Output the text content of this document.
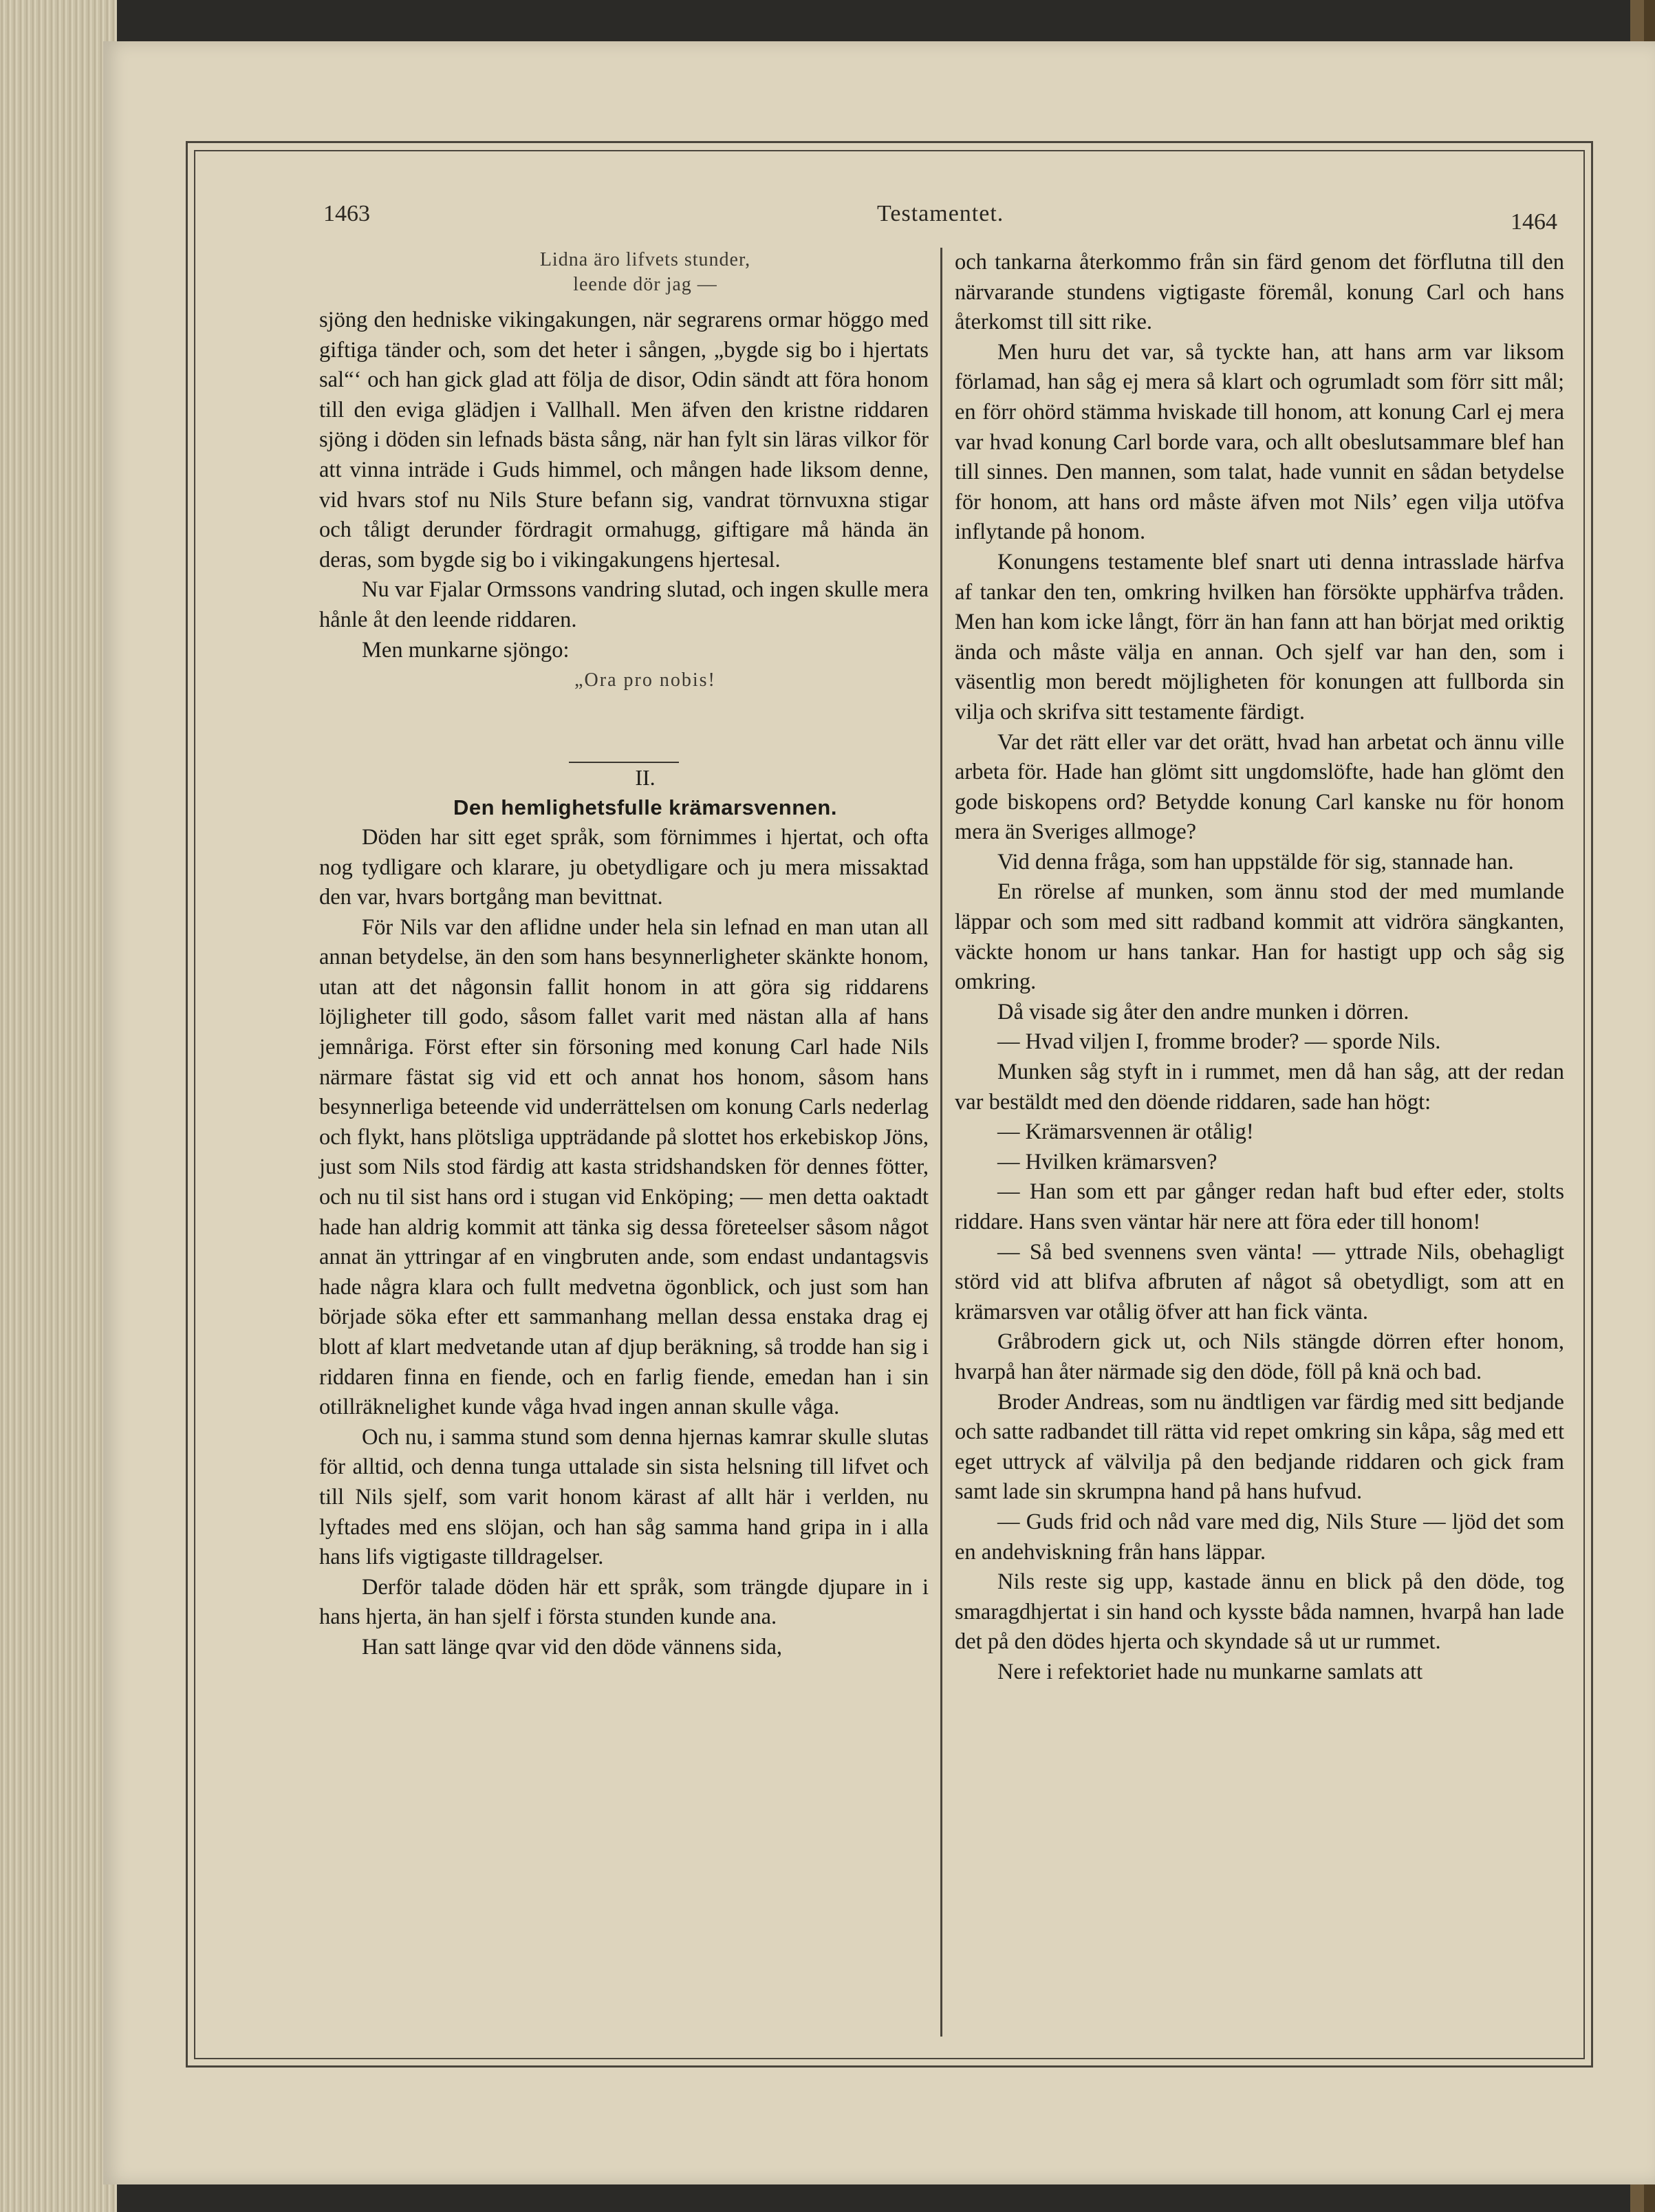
1463	Testamentet.	1464

Lidna äro lifvets stunder,

leende dör jag —

sjöng den hedniske vikingakungen, när segrarens ormar höggo med giftiga tänder och, som det heter i sången, „bygde sig bo i hjertats sal“‘ och han gick glad att följa de disor, Odin sändt att föra honom till den eviga glädjen i Vallhall. Men äfven den kristne riddaren sjöng i döden sin lefnads bästa sång, när han fylt sin läras vilkor för att vinna inträde i Guds himmel, och mången hade liksom denne, vid hvars stof nu Nils Sture befann sig, vandrat törnvuxna stigar och tåligt derunder fördragit ormahugg, giftigare må hända än deras, som bygde sig bo i vikingakungens hjertesal.

Nu var Fjalar Ormssons vandring slutad, och ingen skulle mera hånle åt den leende riddaren.

Men munkarne sjöngo:

„Ora pro nobis!

II.

Den hemlighetsfulle krämarsvennen.

Döden har sitt eget språk, som förnimmes i hjertat, och ofta nog tydligare och klarare, ju obetydligare och ju mera missaktad den var, hvars bortgång man bevittnat.

För Nils var den aflidne under hela sin lefnad en man utan all annan betydelse, än den som hans besynnerligheter skänkte honom, utan att det någonsin fallit honom in att göra sig riddarens löjligheter till godo, såsom fallet varit med nästan alla af hans jemnåriga. Först efter sin försoning med konung Carl hade Nils närmare fästat sig vid ett och annat hos honom, såsom hans besynnerliga beteende vid underrättelsen om konung Carls nederlag och flykt, hans plötsliga uppträdande på slottet hos erkebiskop Jöns, just som Nils stod färdig att kasta stridshandsken för dennes fötter, och nu til sist hans ord i stugan vid Enköping; — men detta oaktadt hade han aldrig kommit att tänka sig dessa företeelser såsom något annat än yttringar af en vingbruten ande, som endast undantagsvis hade några klara och fullt medvetna ögonblick, och just som han började söka efter ett sammanhang mellan dessa enstaka drag ej blott af klart medvetande utan af djup beräkning, så trodde han sig i riddaren finna en fiende, och en farlig fiende, emedan han i sin otillräknelighet kunde våga hvad ingen annan skulle våga.

Och nu, i samma stund som denna hjernas kamrar skulle slutas för alltid, och denna tunga uttalade sin sista helsning till lifvet och till Nils sjelf, som varit honom kärast af allt här i verlden, nu lyftades med ens slöjan, och han såg samma hand gripa in i alla hans lifs vigtigaste tilldragelser.

Derför talade döden här ett språk, som trängde djupare in i hans hjerta, än han sjelf i första stunden kunde ana.

Han satt länge qvar vid den döde vännens sida,

och tankarna återkommo från sin färd genom det förflutna till den närvarande stundens vigtigaste föremål, konung Carl och hans återkomst till sitt rike.

Men huru det var, så tyckte han, att hans arm var liksom förlamad, han såg ej mera så klart och ogrumladt som förr sitt mål; en förr ohörd stämma hviskade till honom, att konung Carl ej mera var hvad konung Carl borde vara, och allt obeslutsammare blef han till sinnes. Den mannen, som talat, hade vunnit en sådan betydelse för honom, att hans ord måste äfven mot Nils’ egen vilja utöfva inflytande på honom.

Konungens testamente blef snart uti denna intrasslade härfva af tankar den ten, omkring hvilken han försökte upphärfva tråden. Men han kom icke långt, förr än han fann att han börjat med oriktig ända och måste välja en annan. Och sjelf var han den, som i väsentlig mon beredt möjligheten för konungen att fullborda sin vilja och skrifva sitt testamente färdigt.

Var det rätt eller var det orätt, hvad han arbetat och ännu ville arbeta för. Hade han glömt sitt ungdomslöfte, hade han glömt den gode biskopens ord? Betydde konung Carl kanske nu för honom mera än Sveriges allmoge?

Vid denna fråga, som han uppstälde för sig, stannade han.

En rörelse af munken, som ännu stod der med mumlande läppar och som med sitt radband kommit att vidröra sängkanten, väckte honom ur hans tankar. Han for hastigt upp och såg sig omkring.

Då visade sig åter den andre munken i dörren.

— Hvad viljen I, fromme broder? — sporde Nils.

Munken såg styft in i rummet, men då han såg, att der redan var bestäldt med den döende riddaren, sade han högt:

— Krämarsvennen är otålig!

— Hvilken krämarsven?

— Han som ett par gånger redan haft bud efter eder, stolts riddare. Hans sven väntar här nere att föra eder till honom!

— Så bed svennens sven vänta! — yttrade Nils, obehagligt störd vid att blifva afbruten af något så obetydligt, som att en krämarsven var otålig öfver att han fick vänta.

Gråbrodern gick ut, och Nils stängde dörren efter honom, hvarpå han åter närmade sig den döde, föll på knä och bad.

Broder Andreas, som nu ändtligen var färdig med sitt bedjande och satte radbandet till rätta vid repet omkring sin kåpa, såg med ett eget uttryck af välvilja på den bedjande riddaren och gick fram samt lade sin skrumpna hand på hans hufvud.

— Guds frid och nåd vare med dig, Nils Sture — ljöd det som en andehviskning från hans läppar.

Nils reste sig upp, kastade ännu en blick på den döde, tog smaragdhjertat i sin hand och kysste båda namnen, hvarpå han lade det på den dödes hjerta och skyndade så ut ur rummet.

Nere i refektoriet hade nu munkarne samlats att
